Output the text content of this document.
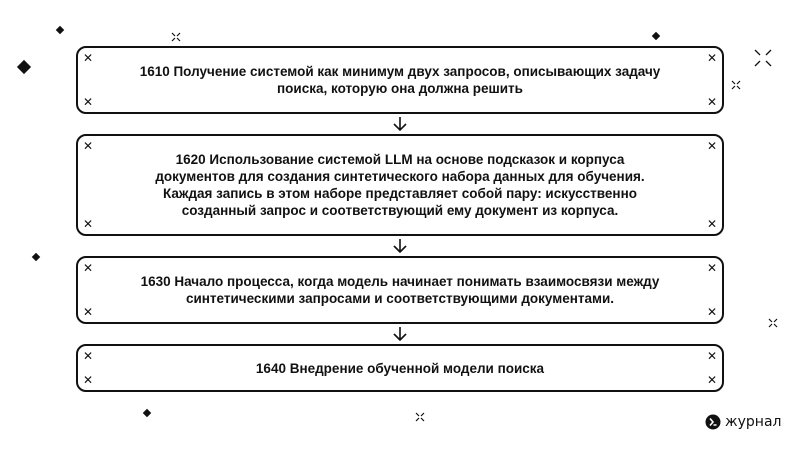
✕	✕
✕	✕
1610 Получение системой как минимум двух запросов, описывающих задачу
поиска, которую она должна решить
✕	✕
✕	✕
1620 Использование системой LLM на основе подсказок и корпуса
документов для создания синтетического набора данных для обучения.
Каждая запись в этом наборе представляет собой пару: искусственно
созданный запрос и соответствующий ему документ из корпуса.
✕	✕
✕	✕
1630 Начало процесса, когда модель начинает понимать взаимосвязи между
синтетическими запросами и соответствующими документами.
✕	✕
✕	✕
1640 Внедрение обученной модели поиска
журнал
